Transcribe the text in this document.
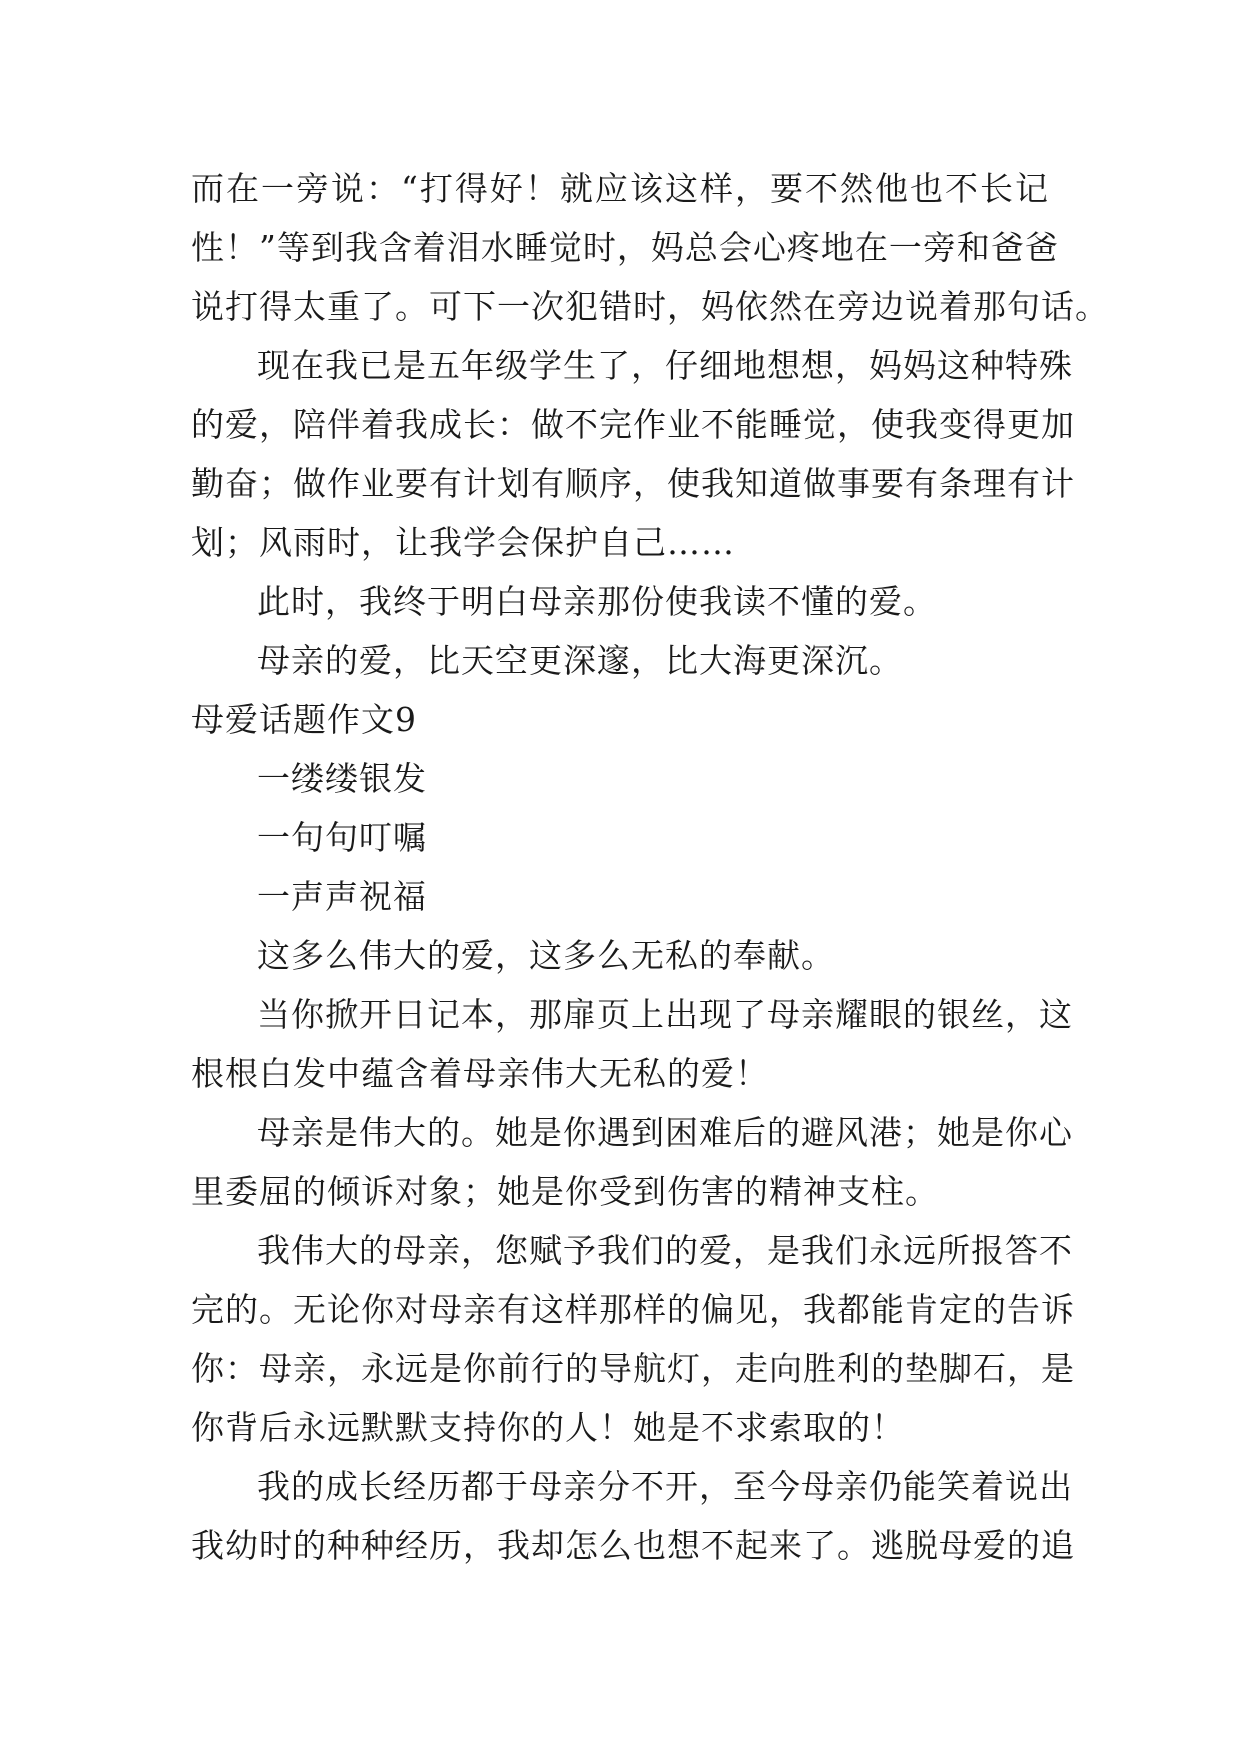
而在一旁说：“打得好！就应该这样，要不然他也不长记
性！”等到我含着泪水睡觉时，妈总会心疼地在一旁和爸爸
说打得太重了。可下一次犯错时，妈依然在旁边说着那句话。
现在我已是五年级学生了，仔细地想想，妈妈这种特殊
的爱，陪伴着我成长：做不完作业不能睡觉，使我变得更加
勤奋；做作业要有计划有顺序，使我知道做事要有条理有计
划；风雨时，让我学会保护自己……

此时，我终于明白母亲那份使我读不懂的爱。

母亲的爱，比天空更深邃，比大海更深沉。

母爱话题作文9

一缕缕银发

一句句叮嘱

一声声祝福

这多么伟大的爱，这多么无私的奉献。

当你掀开日记本，那扉页上出现了母亲耀眼的银丝，这
根根白发中蕴含着母亲伟大无私的爱！
母亲是伟大的。她是你遇到困难后的避风港；她是你心
里委屈的倾诉对象；她是你受到伤害的精神支柱。
我伟大的母亲，您赋予我们的爱，是我们永远所报答不
完的。无论你对母亲有这样那样的偏见，我都能肯定的告诉
你：母亲，永远是你前行的导航灯，走向胜利的垫脚石，是
你背后永远默默支持你的人！她是不求索取的！
我的成长经历都于母亲分不开，至今母亲仍能笑着说出
我幼时的种种经历，我却怎么也想不起来了。逃脱母爱的追
